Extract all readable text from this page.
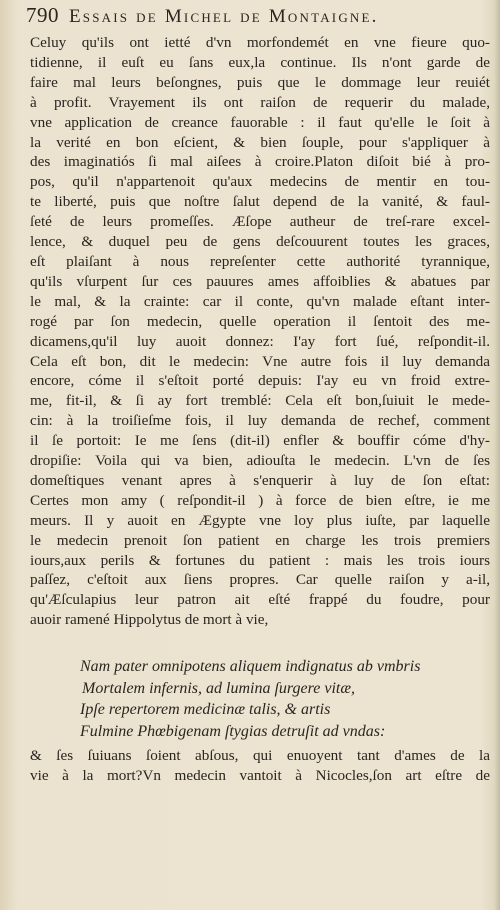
790 Essais de Michel de Montaigne.

Celuy qu'ils ont ietté d'vn morfondemét en vne fieure quo-
tidienne, il euſt eu ſans eux,la continue. Ils n'ont garde de
faire mal leurs beſongnes, puis que le dommage leur reuiét
à profit. Vrayement ils ont raiſon de requerir du malade,
vne application de creance fauorable : il faut qu'elle le ſoit à
la verité en bon eſcient, & bien ſouple, pour s'appliquer à
des imaginatiós ſi mal aiſees à croire.Platon diſoit bié à pro-
pos, qu'il n'appartenoit qu'aux medecins de mentir en tou-
te liberté, puis que noſtre ſalut depend de la vanité, & faul-
ſeté de leurs promeſſes. Æſope autheur de treſ-rare excel-
lence, & duquel peu de gens deſcouurent toutes les graces,
eſt plaiſant à nous repreſenter cette authorité tyrannique,
qu'ils vſurpent ſur ces pauures ames affoiblies & abatues par
le mal, & la crainte: car il conte, qu'vn malade eſtant inter-
rogé par ſon medecin, quelle operation il ſentoit des me-
dicamens,qu'il luy auoit donnez: I'ay fort ſué, reſpondit-il.
Cela eſt bon, dit le medecin: Vne autre fois il luy demanda
encore, cóme il s'eſtoit porté depuis: I'ay eu vn froid extre-
me, fit-il, & ſi ay fort tremblé: Cela eſt bon,ſuiuit le mede-
cin: à la troiſieſme fois, il luy demanda de rechef, comment
il ſe portoit: Ie me ſens (dit-il) enfler & bouffir cóme d'hy-
dropiſie: Voila qui va bien, adiouſta le medecin. L'vn de ſes
domeſtiques venant apres à s'enquerir à luy de ſon eſtat:
Certes mon amy ( reſpondit-il ) à force de bien eſtre, ie me
meurs. Il y auoit en Ægypte vne loy plus iuſte, par laquelle
le medecin prenoit ſon patient en charge les trois premiers
iours,aux perils & fortunes du patient : mais les trois iours
paſſez, c'eſtoit aux ſiens propres. Car quelle raiſon y a-il,
qu'Æſculapius leur patron ait eſté frappé du foudre, pour
auoir ramené Hippolytus de mort à vie,

Nam pater omnipotens aliquem indignatus ab vmbris
Mortalem infernis, ad lumina ſurgere vitæ,
Ipſe repertorem medicinæ talis, & artis
Fulmine Phœbigenam ſtygias detruſit ad vndas:
& ſes ſuiuans ſoient abſous, qui enuoyent tant d'ames de la
vie à la mort?Vn medecin vantoit à Nicocles,ſon art eſtre de
